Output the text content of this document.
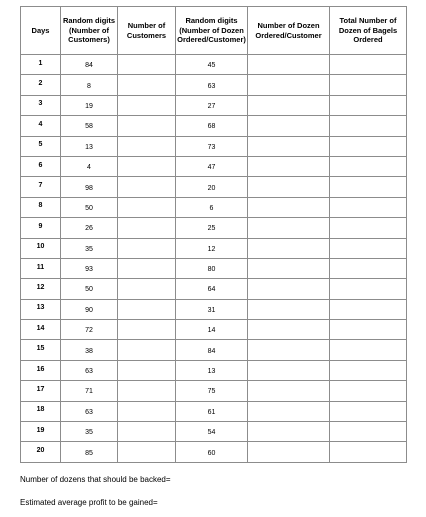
Days	Random digits (Number of Customers)	Number of Customers	Random digits (Number of Dozen Ordered/Customer)	Number of Dozen Ordered/Customer	Total Number of Dozen of Bagels Ordered
1	84		45		
2	8		63		
3	19		27		
4	58		68		
5	13		73		
6	4		47		
7	98		20		
8	50		6		
9	26		25		
10	35		12		
11	93		80		
12	50		64		
13	90		31		
14	72		14		
15	38		84		
16	63		13		
17	71		75		
18	63		61		
19	35		54		
20	85		60		
Number of dozens that should be backed=
Estimated average profit to be gained=
